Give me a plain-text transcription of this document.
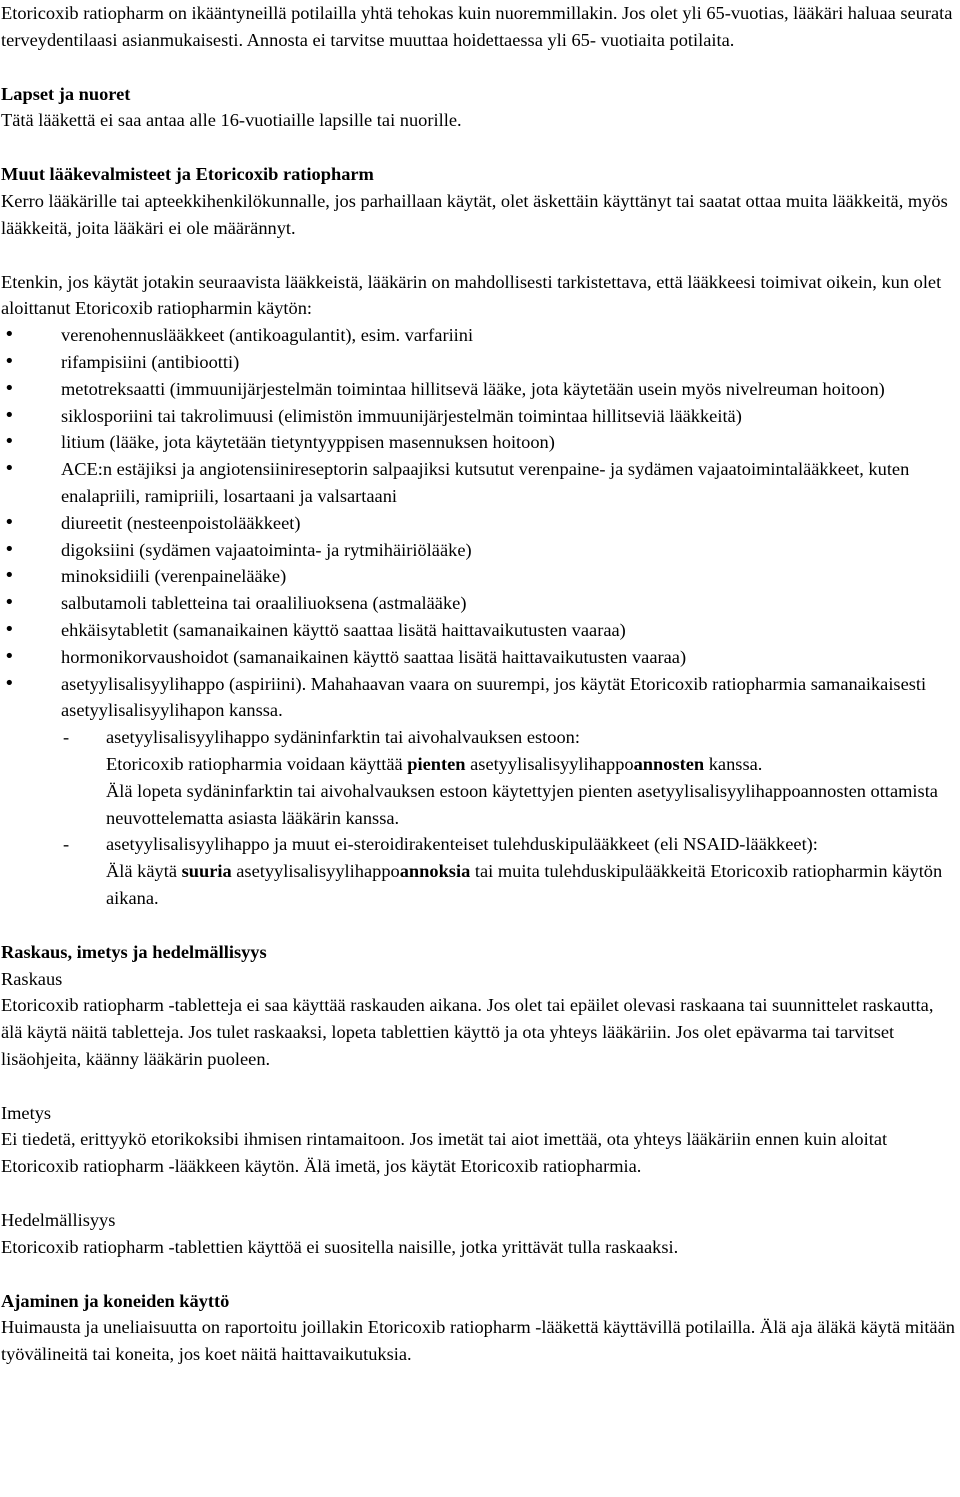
Etoricoxib ratiopharm on ikääntyneillä potilailla yhtä tehokas kuin nuoremmillakin. Jos olet yli 65-vuotias, lääkäri haluaa seurata terveydentilaasi asianmukaisesti. Annosta ei tarvitse muuttaa hoidettaessa yli 65- vuotiaita potilaita.

Lapset ja nuoret

Tätä lääkettä ei saa antaa alle 16-vuotiaille lapsille tai nuorille.

Muut lääkevalmisteet ja Etoricoxib ratiopharm

Kerro lääkärille tai apteekkihenkilökunnalle, jos parhaillaan käytät, olet äskettäin käyttänyt tai saatat ottaa muita lääkkeitä, myös lääkkeitä, joita lääkäri ei ole määrännyt.

Etenkin, jos käytät jotakin seuraavista lääkkeistä, lääkärin on mahdollisesti tarkistettava, että lääkkeesi toimivat oikein, kun olet aloittanut Etoricoxib ratiopharmin käytön:

• verenohennuslääkkeet (antikoagulantit), esim. varfariini
• rifampisiini (antibiootti)
• metotreksaatti (immuunijärjestelmän toimintaa hillitsevä lääke, jota käytetään usein myös nivelreuman hoitoon)
• siklosporiini tai takrolimuusi (elimistön immuunijärjestelmän toimintaa hillitseviä lääkkeitä)
• litium (lääke, jota käytetään tietyntyyppisen masennuksen hoitoon)
• ACE:n estäjiksi ja angiotensiinireseptorin salpaajiksi kutsutut verenpaine- ja sydämen vajaatoimintalääkkeet, kuten enalapriili, ramipriili, losartaani ja valsartaani
• diureetit (nesteenpoistolääkkeet)
• digoksiini (sydämen vajaatoiminta- ja rytmihäiriölääke)
• minoksidiili (verenpainelääke)
• salbutamoli tabletteina tai oraaliliuoksena (astmalääke)
• ehkäisytabletit (samanaikainen käyttö saattaa lisätä haittavaikutusten vaaraa)
• hormonikorvaushoidot (samanaikainen käyttö saattaa lisätä haittavaikutusten vaaraa)
• asetyylisalisyylihappo (aspiriini). Mahahaavan vaara on suurempi, jos käytät Etoricoxib ratiopharmia samanaikaisesti asetyylisalisyylihapon kanssa.
- asetyylisalisyylihappo sydäninfarktin tai aivohalvauksen estoon:
Etoricoxib ratiopharmia voidaan käyttää pienten asetyylisalisyylihappoannosten kanssa.
Älä lopeta sydäninfarktin tai aivohalvauksen estoon käytettyjen pienten asetyylisalisyylihappoannosten ottamista neuvottelematta asiasta lääkärin kanssa.
- asetyylisalisyylihappo ja muut ei-steroidirakenteiset tulehduskipulääkkeet (eli NSAID-lääkkeet):
Älä käytä suuria asetyylisalisyylihappoannoksia tai muita tulehduskipulääkkeitä Etoricoxib ratiopharmin käytön aikana.

Raskaus, imetys ja hedelmällisyys

Raskaus

Etoricoxib ratiopharm -tabletteja ei saa käyttää raskauden aikana. Jos olet tai epäilet olevasi raskaana tai suunnittelet raskautta, älä käytä näitä tabletteja. Jos tulet raskaaksi, lopeta tablettien käyttö ja ota yhteys lääkäriin. Jos olet epävarma tai tarvitset lisäohjeita, käänny lääkärin puoleen.

Imetys

Ei tiedetä, erittyykö etorikoksibi ihmisen rintamaitoon. Jos imetät tai aiot imettää, ota yhteys lääkäriin ennen kuin aloitat Etoricoxib ratiopharm -lääkkeen käytön. Älä imetä, jos käytät Etoricoxib ratiopharmia.

Hedelmällisyys

Etoricoxib ratiopharm -tablettien käyttöä ei suositella naisille, jotka yrittävät tulla raskaaksi.

Ajaminen ja koneiden käyttö

Huimausta ja uneliaisuutta on raportoitu joillakin Etoricoxib ratiopharm -lääkettä käyttävillä potilailla. Älä aja äläkä käytä mitään työvälineitä tai koneita, jos koet näitä haittavaikutuksia.
